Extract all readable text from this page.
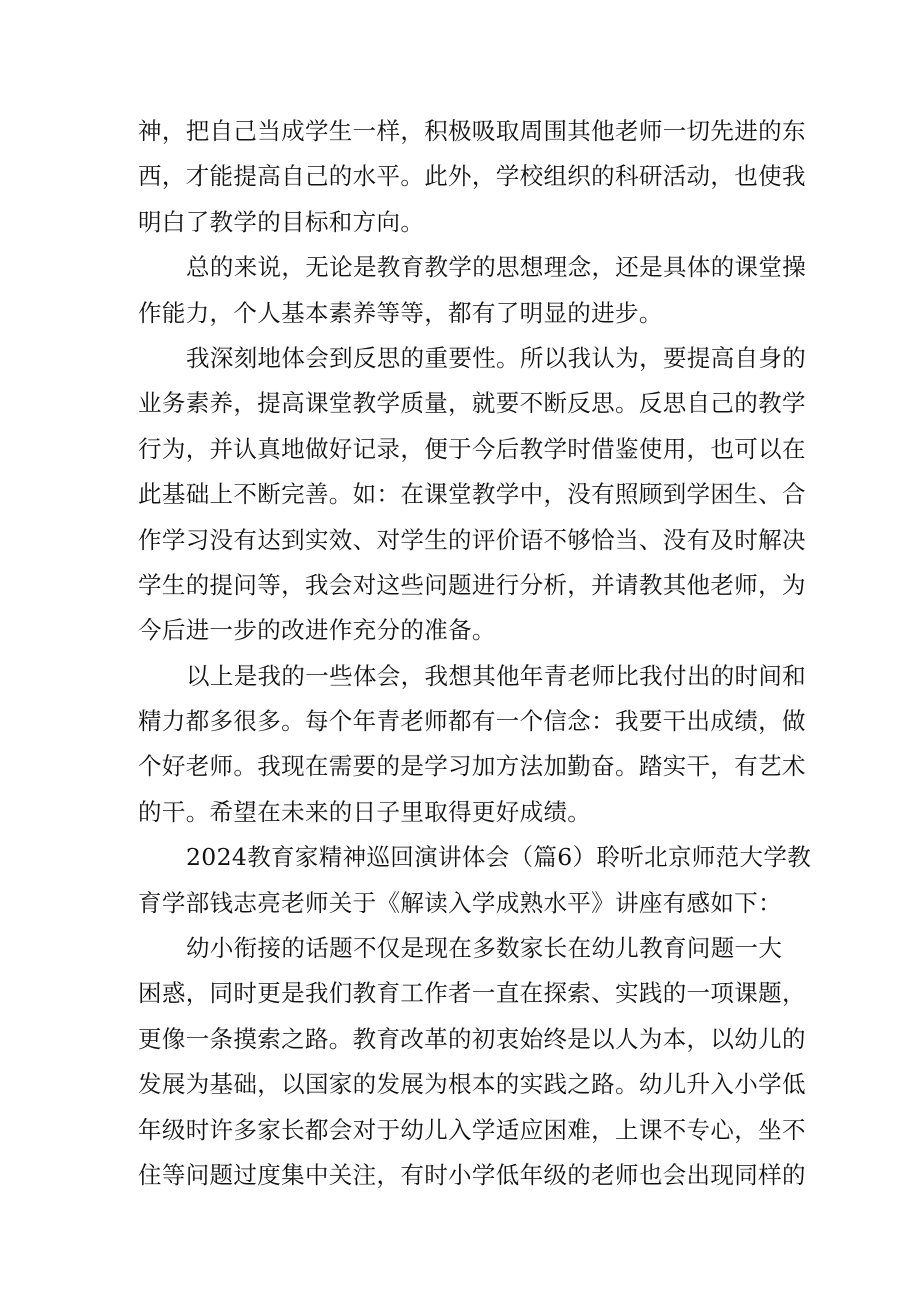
神，把自己当成学生一样，积极吸取周围其他老师一切先进的东
西，才能提高自己的水平。此外，学校组织的科研活动，也使我
明白了教学的目标和方向。
总的来说，无论是教育教学的思想理念，还是具体的课堂操
作能力，个人基本素养等等，都有了明显的进步。
我深刻地体会到反思的重要性。所以我认为，要提高自身的
业务素养，提高课堂教学质量，就要不断反思。反思自己的教学
行为，并认真地做好记录，便于今后教学时借鉴使用，也可以在
此基础上不断完善。如：在课堂教学中，没有照顾到学困生、合
作学习没有达到实效、对学生的评价语不够恰当、没有及时解决
学生的提问等，我会对这些问题进行分析，并请教其他老师，为
今后进一步的改进作充分的准备。
以上是我的一些体会，我想其他年青老师比我付出的时间和
精力都多很多。每个年青老师都有一个信念：我要干出成绩，做
个好老师。我现在需要的是学习加方法加勤奋。踏实干，有艺术
的干。希望在未来的日子里取得更好成绩。
2024教育家精神巡回演讲体会（篇6）聆听北京师范大学教
育学部钱志亮老师关于《解读入学成熟水平》讲座有感如下：
幼小衔接的话题不仅是现在多数家长在幼儿教育问题一大
困惑，同时更是我们教育工作者一直在探索、实践的一项课题，
更像一条摸索之路。教育改革的初衷始终是以人为本，以幼儿的
发展为基础，以国家的发展为根本的实践之路。幼儿升入小学低
年级时许多家长都会对于幼儿入学适应困难，上课不专心，坐不
住等问题过度集中关注，有时小学低年级的老师也会出现同样的
